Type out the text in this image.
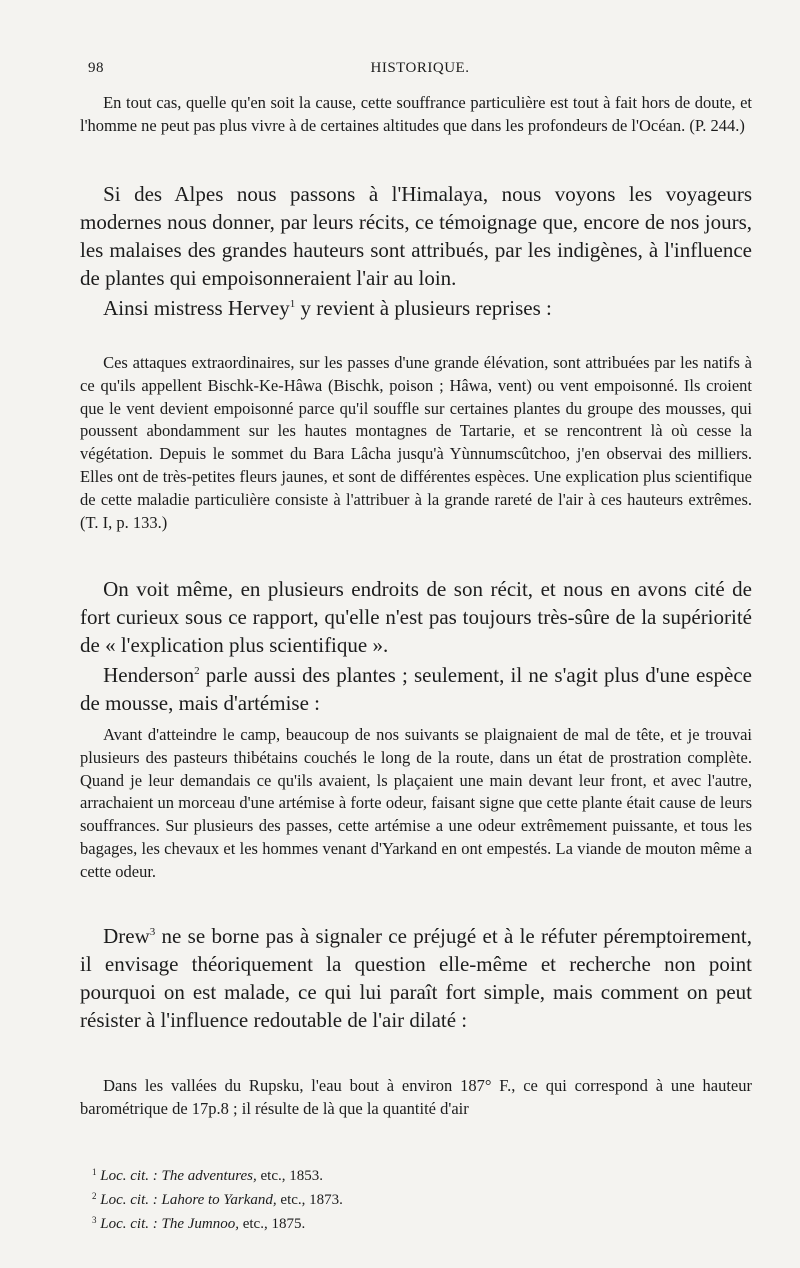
98	HISTORIQUE.

En tout cas, quelle qu'en soit la cause, cette souffrance particulière est tout à fait hors de doute, et l'homme ne peut pas plus vivre à de certaines altitudes que dans les profondeurs de l'Océan. (P. 244.)

Si des Alpes nous passons à l'Himalaya, nous voyons les voyageurs modernes nous donner, par leurs récits, ce témoignage que, encore de nos jours, les malaises des grandes hauteurs sont attribués, par les indigènes, à l'influence de plantes qui empoisonneraient l'air au loin.

Ainsi mistress Hervey$^1$ y revient à plusieurs reprises :

Ces attaques extraordinaires, sur les passes d'une grande élévation, sont attribuées par les natifs à ce qu'ils appellent Bischk-Ke-Hâwa (Bischk, poison ; Hâwa, vent) ou vent empoisonné. Ils croient que le vent devient empoisonné parce qu'il souffle sur certaines plantes du groupe des mousses, qui poussent abondamment sur les hautes montagnes de Tartarie, et se rencontrent là où cesse la végétation. Depuis le sommet du Bara Lâcha jusqu'à Yùnnumscûtchoo, j'en observai des milliers. Elles ont de très-petites fleurs jaunes, et sont de différentes espèces. Une explication plus scientifique de cette maladie particulière consiste à l'attribuer à la grande rareté de l'air à ces hauteurs extrêmes. (T. I, p. 133.)

On voit même, en plusieurs endroits de son récit, et nous en avons cité de fort curieux sous ce rapport, qu'elle n'est pas toujours très-sûre de la supériorité de « l'explication plus scientifique ».

Henderson$^2$ parle aussi des plantes ; seulement, il ne s'agit plus d'une espèce de mousse, mais d'artémise :

Avant d'atteindre le camp, beaucoup de nos suivants se plaignaient de mal de tête, et je trouvai plusieurs des pasteurs thibétains couchés le long de la route, dans un état de prostration complète. Quand je leur demandais ce qu'ils avaient, ls plaçaient une main devant leur front, et avec l'autre, arrachaient un morceau d'une artémise à forte odeur, faisant signe que cette plante était cause de leurs souffrances. Sur plusieurs des passes, cette artémise a une odeur extrêmement puissante, et tous les bagages, les chevaux et les hommes venant d'Yarkand en ont empestés. La viande de mouton même a cette odeur.

Drew$^3$ ne se borne pas à signaler ce préjugé et à le réfuter péremptoirement, il envisage théoriquement la question elle-même et recherche non point pourquoi on est malade, ce qui lui paraît fort simple, mais comment on peut résister à l'influence redoutable de l'air dilaté :

Dans les vallées du Rupsku, l'eau bout à environ 187° F., ce qui correspond à une hauteur barométrique de 17p.8 ; il résulte de là que la quantité d'air

$^1$ Loc. cit. : The adventures, etc., 1853.
$^2$ Loc. cit. : Lahore to Yarkand, etc., 1873.
$^3$ Loc. cit. : The Jumnoo, etc., 1875.
